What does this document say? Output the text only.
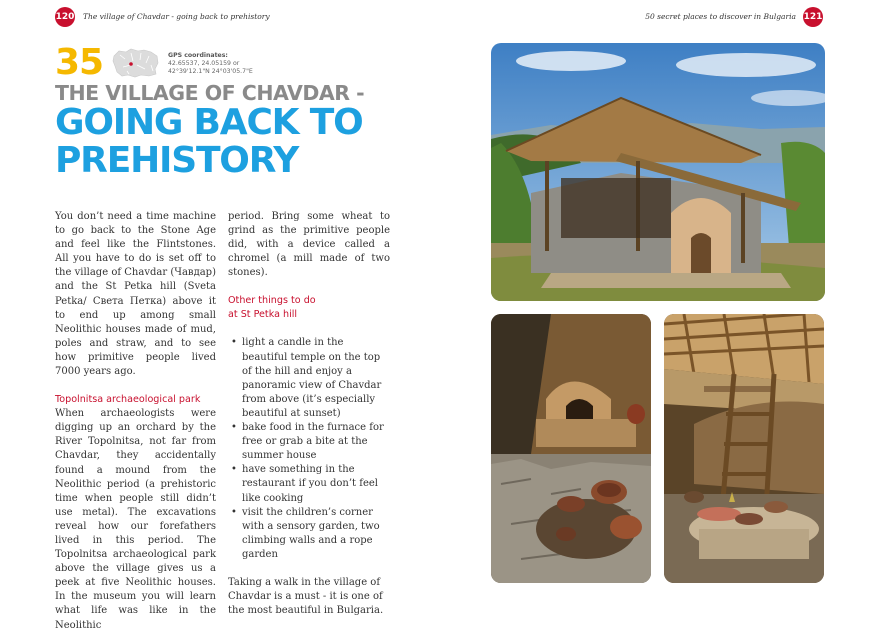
120 The village of Chavdar - going back to prehistory	50 secret places to discover in Bulgaria 121
35	GPS coordinates:
42.65537, 24.05159 or
42°39'12.1"N 24°03'05.7"E
THE VILLAGE OF CHAVDAR -
GOING BACK TO
PREHISTORY

You don’t need a time machine to go back to the Stone Age and feel like the Flintstones. All you have to do is set off to the village of Chavdar (Чавдар) and the St Petka hill (Sveta Petka/ Света Петка) above it to end up among small Neolithic houses made of mud, poles and straw, and to see how primitive people lived 7000 years ago.

Topolnitsa archaeological park

When archaeologists were digging up an orchard by the River Topolnitsa, not far from Chavdar, they accidentally found a mound from the Neolithic period (a prehistoric time when people still didn’t use metal). The excavations reveal how our forefathers lived in this period. The Topolnitsa archaeological park above the village gives us a peek at five Neolithic houses. In the museum you will learn what life was like in the Neolithic

period. Bring some wheat to grind as the primitive people did, with a device called a chromel (a mill made of two stones).

Other things to do

at St Petka hill

• light a candle in the beautiful temple on the top of the hill and enjoy a panoramic view of Chavdar from above (it’s especially beautiful at sunset)
• bake food in the furnace for free or grab a bite at the summer house
• have something in the restaurant if you don’t feel like cooking
• visit the children’s corner with a sensory garden, two climbing walls and a rope garden

Taking a walk in the village of Chavdar is a must - it is one of the most beautiful in Bulgaria.
